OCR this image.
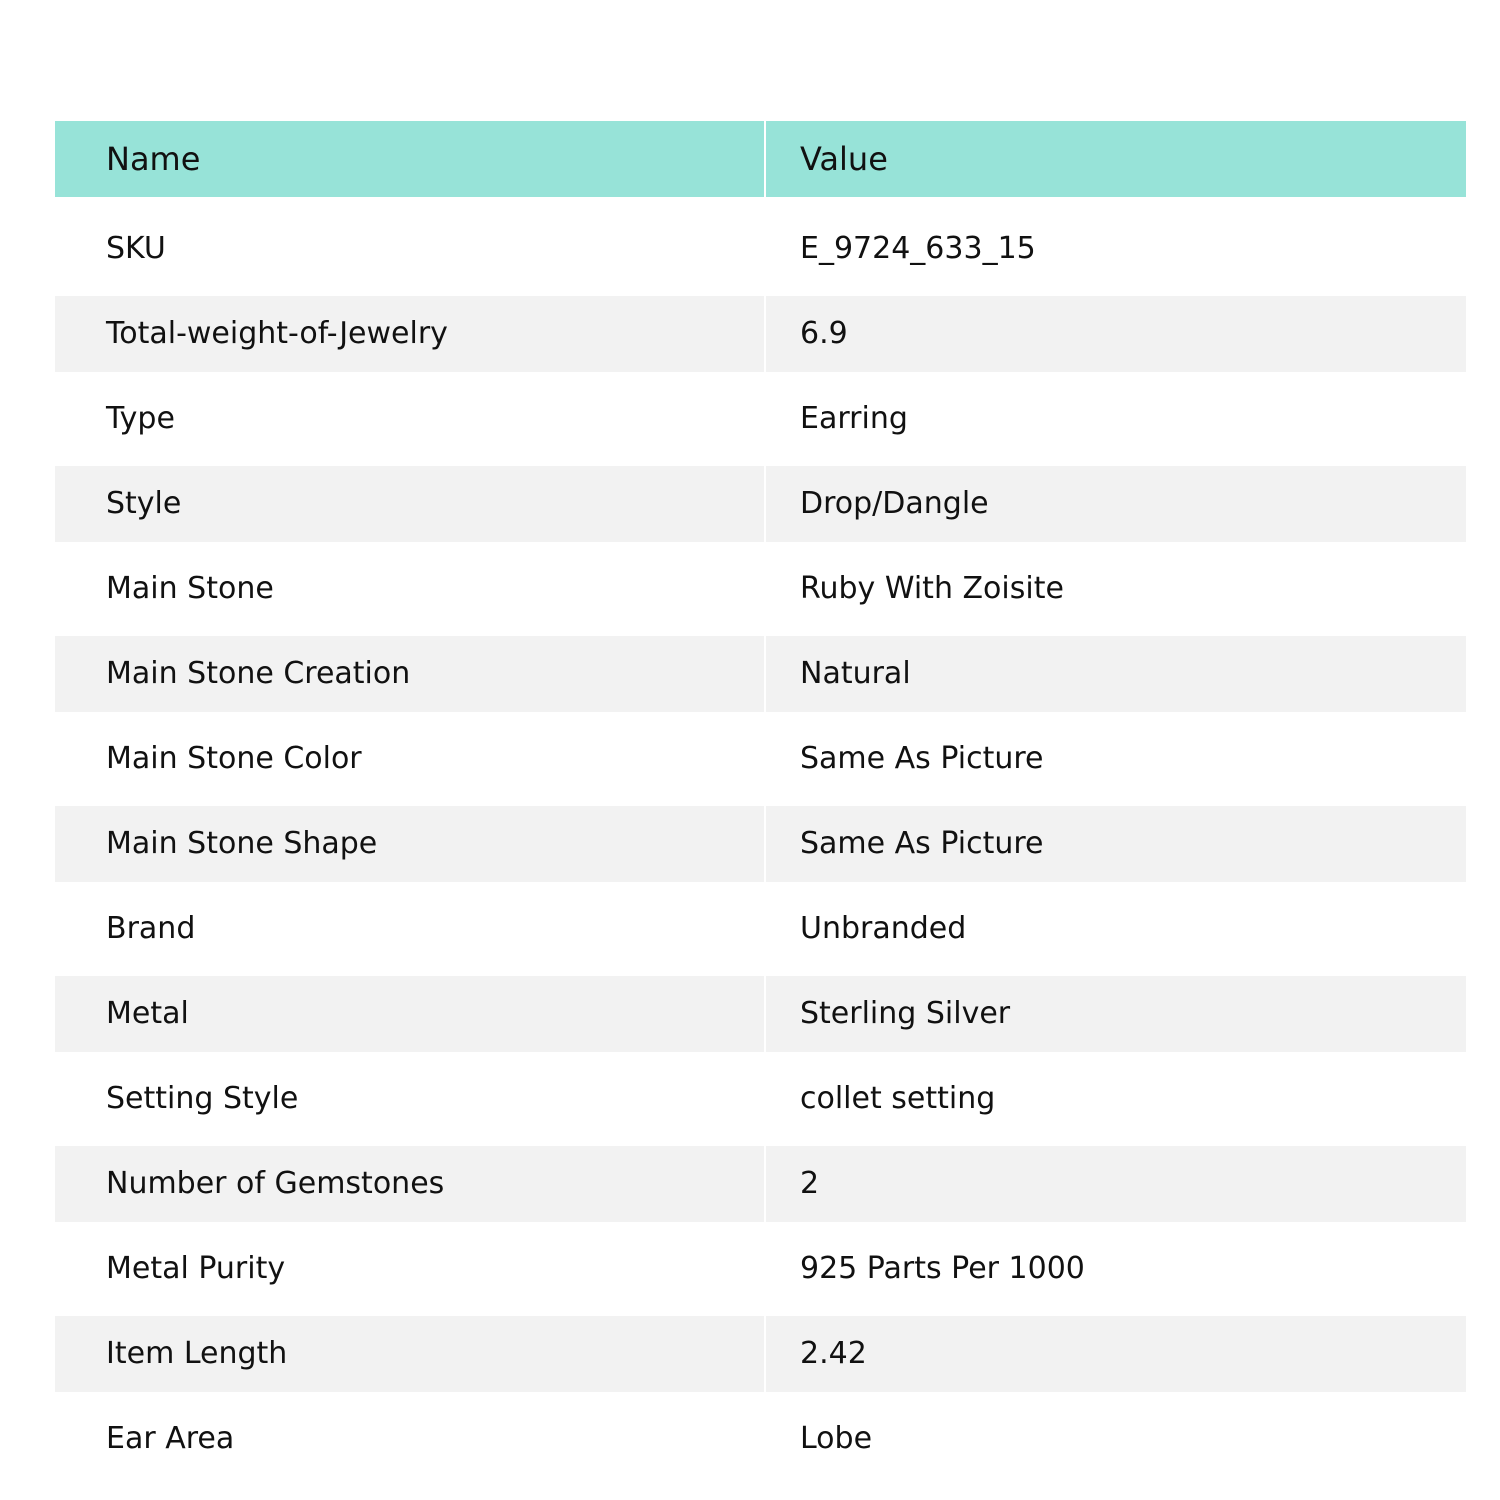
Name	Value
SKU	E_9724_633_15
Total-weight-of-Jewelry	6.9
Type	Earring
Style	Drop/Dangle
Main Stone	Ruby With Zoisite
Main Stone Creation	Natural
Main Stone Color	Same As Picture
Main Stone Shape	Same As Picture
Brand	Unbranded
Metal	Sterling Silver
Setting Style	collet setting
Number of Gemstones	2
Metal Purity	925 Parts Per 1000
Item Length	2.42
Ear Area	Lobe
